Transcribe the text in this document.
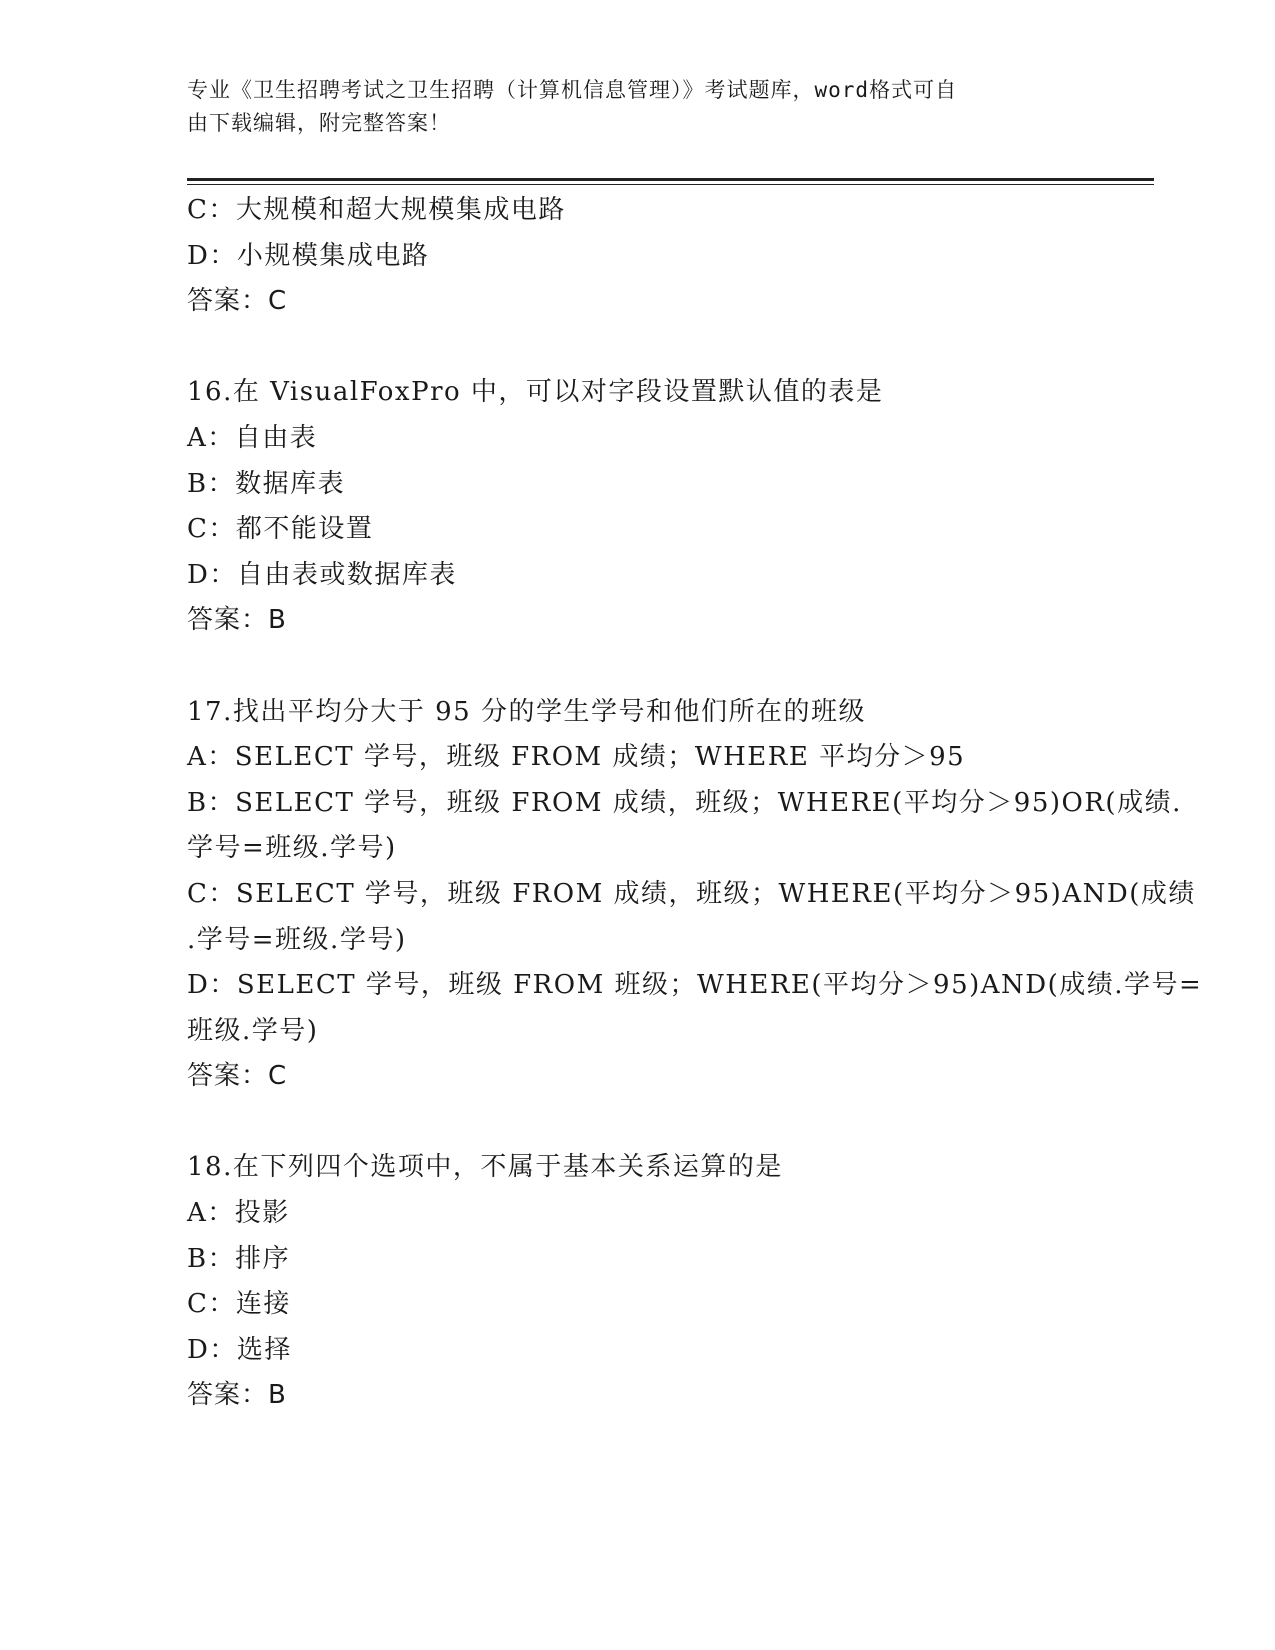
专业《卫生招聘考试之卫生招聘（计算机信息管理）》考试题库，word格式可自
由下载编辑，附完整答案！
C：大规模和超大规模集成电路
D：小规模集成电路
答案：C
16.在 VisualFoxPro 中，可以对字段设置默认值的表是
A：自由表
B：数据库表
C：都不能设置
D：自由表或数据库表
答案：B
17.找出平均分大于 95 分的学生学号和他们所在的班级
A：SELECT 学号，班级 FROM 成绩；WHERE 平均分＞95
B：SELECT 学号，班级 FROM 成绩，班级；WHERE(平均分＞95)OR(成绩.
学号=班级.学号)
C：SELECT 学号，班级 FROM 成绩，班级；WHERE(平均分＞95)AND(成绩
.学号=班级.学号)
D：SELECT 学号，班级 FROM 班级；WHERE(平均分＞95)AND(成绩.学号=
班级.学号)
答案：C
18.在下列四个选项中，不属于基本关系运算的是
A：投影
B：排序
C：连接
D：选择
答案：B
